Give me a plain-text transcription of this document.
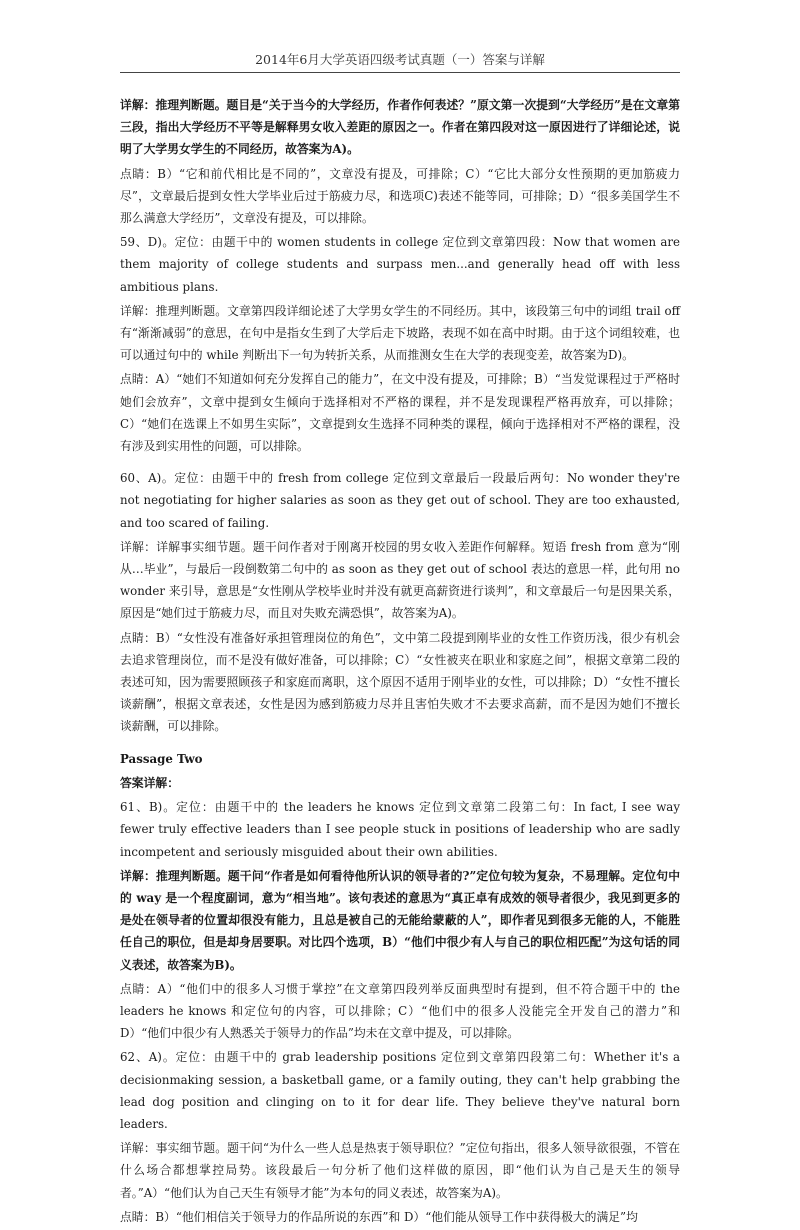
2014年6月大学英语四级考试真题（一）答案与详解

详解：推理判断题。题目是“关于当今的大学经历，作者作何表述？”原文第一次提到“大学经历”是在文章第三段，指出大学经历不平等是解释男女收入差距的原因之一。作者在第四段对这一原因进行了详细论述，说明了大学男女学生的不同经历，故答案为A)。

点睛：B）“它和前代相比是不同的”，文章没有提及，可排除；C）“它比大部分女性预期的更加筋疲力尽”，文章最后提到女性大学毕业后过于筋疲力尽，和选项C)表述不能等同，可排除；D）“很多美国学生不那么满意大学经历”，文章没有提及，可以排除。

59、D)。定位：由题干中的 women students in college 定位到文章第四段：Now that women are them majority of college students and surpass men...and generally head off with less ambitious plans.

详解：推理判断题。文章第四段详细论述了大学男女学生的不同经历。其中，该段第三句中的词组 trail off 有“渐渐减弱”的意思，在句中是指女生到了大学后走下坡路，表现不如在高中时期。由于这个词组较难，也可以通过句中的 while 判断出下一句为转折关系，从而推测女生在大学的表现变差，故答案为D)。

点睛：A）“她们不知道如何充分发挥自己的能力”，在文中没有提及，可排除；B）“当发觉课程过于严格时她们会放弃”，文章中提到女生倾向于选择相对不严格的课程，并不是发现课程严格再放弃，可以排除；C）“她们在选课上不如男生实际”，文章提到女生选择不同种类的课程，倾向于选择相对不严格的课程，没有涉及到实用性的问题，可以排除。

60、A)。定位：由题干中的 fresh from college 定位到文章最后一段最后两句：No wonder they're not negotiating for higher salaries as soon as they get out of school. They are too exhausted, and too scared of failing.

详解：详解事实细节题。题干问作者对于刚离开校园的男女收入差距作何解释。短语 fresh from 意为“刚从…毕业”，与最后一段倒数第二句中的 as soon as they get out of school 表达的意思一样，此句用 no wonder 来引导，意思是“女性刚从学校毕业时并没有就更高薪资进行谈判”，和文章最后一句是因果关系，原因是“她们过于筋疲力尽，而且对失败充满恐惧”，故答案为A)。

点睛：B）“女性没有准备好承担管理岗位的角色”，文中第二段提到刚毕业的女性工作资历浅，很少有机会去追求管理岗位，而不是没有做好准备，可以排除；C）“女性被夹在职业和家庭之间”，根据文章第二段的表述可知，因为需要照顾孩子和家庭而离职，这个原因不适用于刚毕业的女性，可以排除；D）“女性不擅长谈薪酬”，根据文章表述，女性是因为感到筋疲力尽并且害怕失败才不去要求高薪，而不是因为她们不擅长谈薪酬，可以排除。

Passage Two

答案详解：

61、B)。定位：由题干中的 the leaders he knows 定位到文章第二段第二句：In fact, I see way fewer truly effective leaders than I see people stuck in positions of leadership who are sadly incompetent and seriously misguided about their own abilities.

详解：推理判断题。题干问“作者是如何看待他所认识的领导者的?”定位句较为复杂，不易理解。定位句中的 way 是一个程度副词，意为“相当地”。该句表述的意思为“真正卓有成效的领导者很少，我见到更多的是处在领导者的位置却很没有能力，且总是被自己的无能给蒙蔽的人”，即作者见到很多无能的人，不能胜任自己的职位，但是却身居要职。对比四个选项，B）“他们中很少有人与自己的职位相匹配”为这句话的同义表述，故答案为B)。

点睛：A）“他们中的很多人习惯于掌控”在文章第四段列举反面典型时有提到，但不符合题干中的 the leaders he knows 和定位句的内容，可以排除；C）“他们中的很多人没能完全开发自己的潜力”和 D）“他们中很少有人熟悉关于领导力的作品”均未在文章中提及，可以排除。

62、A)。定位：由题干中的 grab leadership positions 定位到文章第四段第二句：Whether it's a decisionmaking session, a basketball game, or a family outing, they can't help grabbing the lead dog position and clinging on to it for dear life. They believe they've natural born leaders.

详解：事实细节题。题干问“为什么一些人总是热衷于领导职位？”定位句指出，很多人领导欲很强，不管在什么场合都想掌控局势。该段最后一句分析了他们这样做的原因，即“他们认为自己是天生的领导者。”A）“他们认为自己天生有领导才能”为本句的同义表述，故答案为A)。

点睛：B）“他们相信关于领导力的作品所说的东西”和 D）“他们能从领导工作中获得极大的满足”均
